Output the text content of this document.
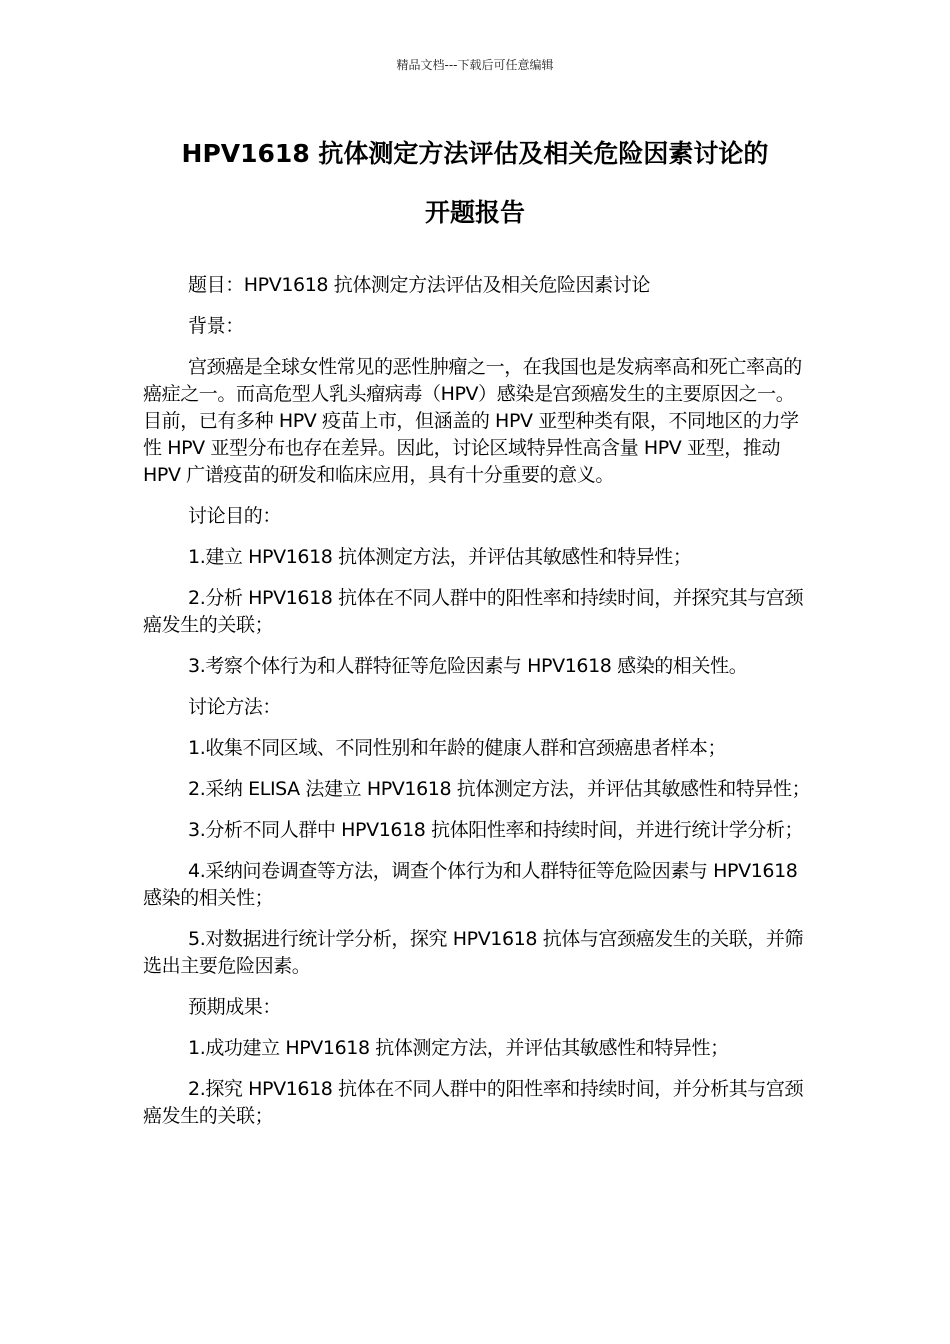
精品文档---下载后可任意编辑
HPV1618 抗体测定方法评估及相关危险因素讨论的
开题报告

题目：HPV1618 抗体测定方法评估及相关危险因素讨论

背景：

宫颈癌是全球女性常见的恶性肿瘤之一，在我国也是发病率高和死亡率高的癌症之一。而高危型人乳头瘤病毒（HPV）感染是宫颈癌发生的主要原因之一。目前，已有多种 HPV 疫苗上市，但涵盖的 HPV 亚型种类有限，不同地区的力学性 HPV 亚型分布也存在差异。因此，讨论区域特异性高含量 HPV 亚型，推动 HPV 广谱疫苗的研发和临床应用，具有十分重要的意义。

讨论目的：

1.建立 HPV1618 抗体测定方法，并评估其敏感性和特异性；

2.分析 HPV1618 抗体在不同人群中的阳性率和持续时间，并探究其与宫颈癌发生的关联；

3.考察个体行为和人群特征等危险因素与 HPV1618 感染的相关性。

讨论方法：

1.收集不同区域、不同性别和年龄的健康人群和宫颈癌患者样本；

2.采纳 ELISA 法建立 HPV1618 抗体测定方法，并评估其敏感性和特异性；

3.分析不同人群中 HPV1618 抗体阳性率和持续时间，并进行统计学分析；

4.采纳问卷调查等方法，调查个体行为和人群特征等危险因素与 HPV1618 感染的相关性；

5.对数据进行统计学分析，探究 HPV1618 抗体与宫颈癌发生的关联，并筛选出主要危险因素。

预期成果：

1.成功建立 HPV1618 抗体测定方法，并评估其敏感性和特异性；

2.探究 HPV1618 抗体在不同人群中的阳性率和持续时间，并分析其与宫颈癌发生的关联；
